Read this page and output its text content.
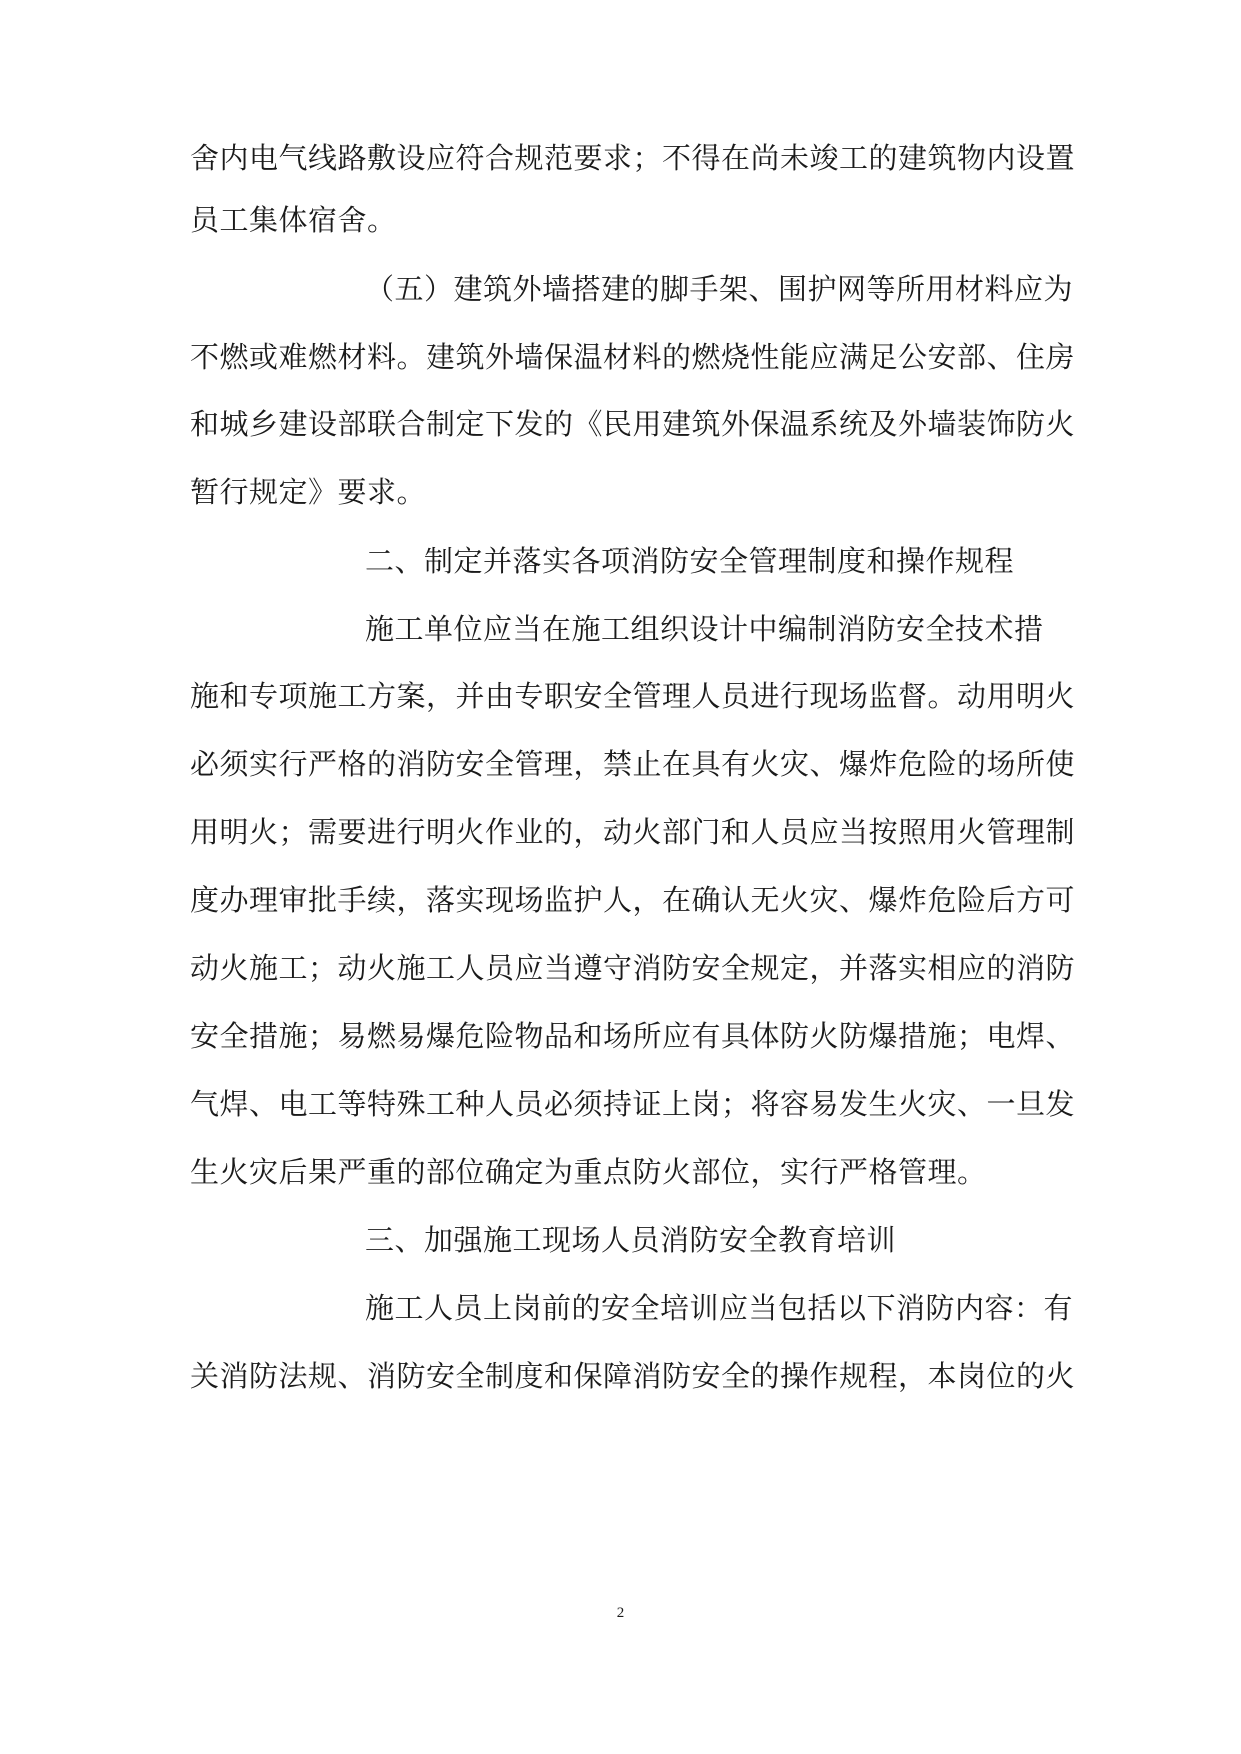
舍内电气线路敷设应符合规范要求；不得在尚未竣工的建筑物内设置
员工集体宿舍。
（五）建筑外墙搭建的脚手架、围护网等所用材料应为
不燃或难燃材料。建筑外墙保温材料的燃烧性能应满足公安部、住房
和城乡建设部联合制定下发的《民用建筑外保温系统及外墙装饰防火
暂行规定》要求。
二、制定并落实各项消防安全管理制度和操作规程
施工单位应当在施工组织设计中编制消防安全技术措
施和专项施工方案，并由专职安全管理人员进行现场监督。动用明火
必须实行严格的消防安全管理，禁止在具有火灾、爆炸危险的场所使
用明火；需要进行明火作业的，动火部门和人员应当按照用火管理制
度办理审批手续，落实现场监护人，在确认无火灾、爆炸危险后方可
动火施工；动火施工人员应当遵守消防安全规定，并落实相应的消防
安全措施；易燃易爆危险物品和场所应有具体防火防爆措施；电焊、
气焊、电工等特殊工种人员必须持证上岗；将容易发生火灾、一旦发
生火灾后果严重的部位确定为重点防火部位，实行严格管理。
三、加强施工现场人员消防安全教育培训
施工人员上岗前的安全培训应当包括以下消防内容：有
关消防法规、消防安全制度和保障消防安全的操作规程，本岗位的火
2
